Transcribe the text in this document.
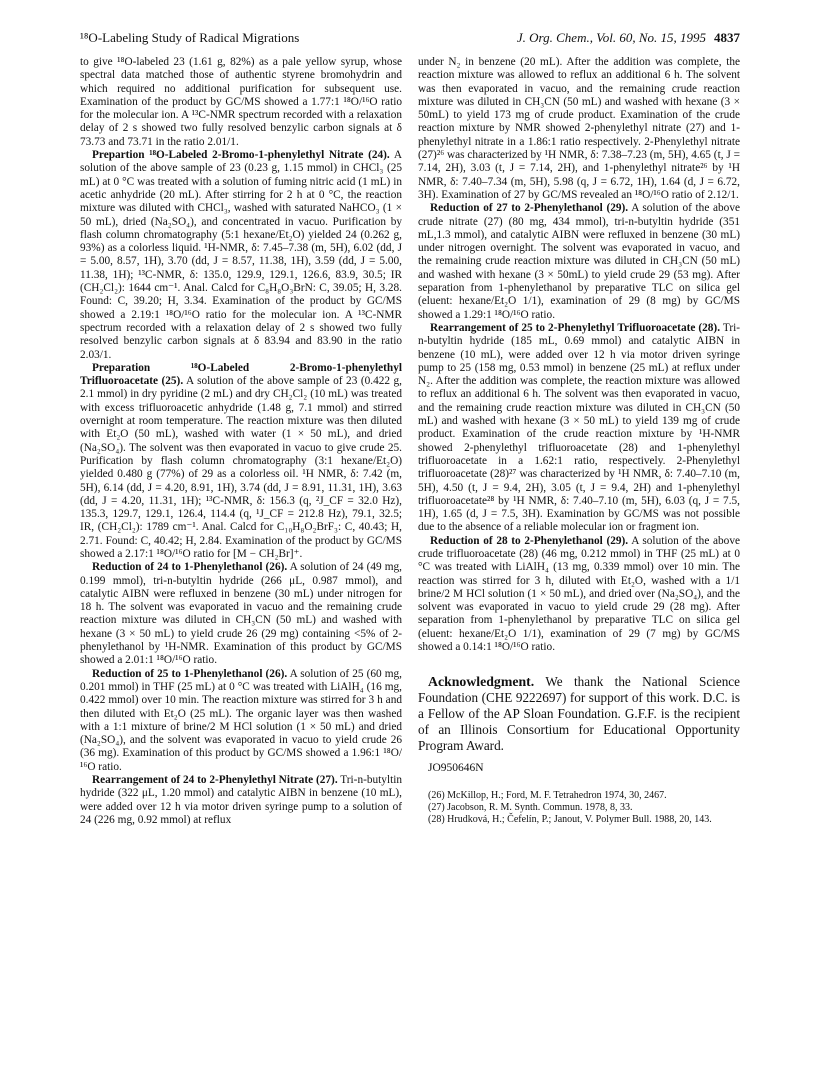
¹⁸O-Labeling Study of Radical Migrations	J. Org. Chem., Vol. 60, No. 15, 1995 4837

to give ¹⁸O-labeled 23 (1.61 g, 82%) as a pale yellow syrup, whose spectral data matched those of authentic styrene bromohydrin and which required no additional purification for subsequent use. Examination of the product by GC/MS showed a 1.77:1 ¹⁸O/¹⁶O ratio for the molecular ion. A ¹³C-NMR spectrum recorded with a relaxation delay of 2 s showed two fully resolved benzylic carbon signals at δ 73.73 and 73.71 in the ratio 2.01/1.

Prepartion ¹⁸O-Labeled 2-Bromo-1-phenylethyl Nitrate (24). A solution of the above sample of 23 (0.23 g, 1.15 mmol) in CHCl₃ (25 mL) at 0 °C was treated with a solution of fuming nitric acid (1 mL) in acetic anhydride (20 mL). After stirring for 2 h at 0 °C, the reaction mixture was diluted with CHCl₃, washed with saturated NaHCO₃ (1 × 50 mL), dried (Na₂SO₄), and concentrated in vacuo. Purification by flash column chromatography (5:1 hexane/Et₂O) yielded 24 (0.262 g, 93%) as a colorless liquid. ¹H-NMR, δ: 7.45–7.38 (m, 5H), 6.02 (dd, J = 5.00, 8.57, 1H), 3.70 (dd, J = 8.57, 11.38, 1H), 3.59 (dd, J = 5.00, 11.38, 1H); ¹³C-NMR, δ: 135.0, 129.9, 129.1, 126.6, 83.9, 30.5; IR (CH₂Cl₂): 1644 cm⁻¹. Anal. Calcd for C₈H₈O₃BrN: C, 39.05; H, 3.28. Found: C, 39.20; H, 3.34. Examination of the product by GC/MS showed a 2.19:1 ¹⁸O/¹⁶O ratio for the molecular ion. A ¹³C-NMR spectrum recorded with a relaxation delay of 2 s showed two fully resolved benzylic carbon signals at δ 83.94 and 83.90 in the ratio 2.03/1.

Preparation ¹⁸O-Labeled 2-Bromo-1-phenylethyl Trifluoroacetate (25). A solution of the above sample of 23 (0.422 g, 2.1 mmol) in dry pyridine (2 mL) and dry CH₂Cl₂ (10 mL) was treated with excess trifluoroacetic anhydride (1.48 g, 7.1 mmol) and stirred overnight at room temperature. The reaction mixture was then diluted with Et₂O (50 mL), washed with water (1 × 50 mL), and dried (Na₂SO₄). The solvent was then evaporated in vacuo to give crude 25. Purification by flash column chromatography (3:1 hexane/Et₂O) yielded 0.480 g (77%) of 29 as a colorless oil. ¹H NMR, δ: 7.42 (m, 5H), 6.14 (dd, J = 4.20, 8.91, 1H), 3.74 (dd, J = 8.91, 11.31, 1H), 3.63 (dd, J = 4.20, 11.31, 1H); ¹³C-NMR, δ: 156.3 (q, ²J_CF = 32.0 Hz), 135.3, 129.7, 129.1, 126.4, 114.4 (q, ¹J_CF = 212.8 Hz), 79.1, 32.5; IR, (CH₂Cl₂): 1789 cm⁻¹. Anal. Calcd for C₁₀H₈O₂BrF₃: C, 40.43; H, 2.71. Found: C, 40.42; H, 2.84. Examination of the product by GC/MS showed a 2.17:1 ¹⁸O/¹⁶O ratio for [M − CH₂Br]⁺.

Reduction of 24 to 1-Phenylethanol (26). A solution of 24 (49 mg, 0.199 mmol), tri-n-butyltin hydride (266 μL, 0.987 mmol), and catalytic AIBN were refluxed in benzene (30 mL) under nitrogen for 18 h. The solvent was evaporated in vacuo and the remaining crude reaction mixture was diluted in CH₃CN (50 mL) and washed with hexane (3 × 50 mL) to yield crude 26 (29 mg) containing <5% of 2-phenylethanol by ¹H-NMR. Examination of this product by GC/MS showed a 2.01:1 ¹⁸O/¹⁶O ratio.

Reduction of 25 to 1-Phenylethanol (26). A solution of 25 (60 mg, 0.201 mmol) in THF (25 mL) at 0 °C was treated with LiAlH₄ (16 mg, 0.422 mmol) over 10 min. The reaction mixture was stirred for 3 h and then diluted with Et₂O (25 mL). The organic layer was then washed with a 1:1 mixture of brine/2 M HCl solution (1 × 50 mL) and dried (Na₂SO₄), and the solvent was evaporated in vacuo to yield crude 26 (36 mg). Examination of this product by GC/MS showed a 1.96:1 ¹⁸O/¹⁶O ratio.

Rearrangement of 24 to 2-Phenylethyl Nitrate (27). Tri-n-butyltin hydride (322 μL, 1.20 mmol) and catalytic AIBN in benzene (10 mL), were added over 12 h via motor driven syringe pump to a solution of 24 (226 mg, 0.92 mmol) at reflux

under N₂ in benzene (20 mL). After the addition was complete, the reaction mixture was allowed to reflux an additional 6 h. The solvent was then evaporated in vacuo, and the remaining crude reaction mixture was diluted in CH₃CN (50 mL) and washed with hexane (3 × 50mL) to yield 173 mg of crude product. Examination of the crude reaction mixture by NMR showed 2-phenylethyl nitrate (27) and 1-phenylethyl nitrate in a 1.86:1 ratio respectively. 2-Phenylethyl nitrate (27)²⁶ was characterized by ¹H NMR, δ: 7.38–7.23 (m, 5H), 4.65 (t, J = 7.14, 2H), 3.03 (t, J = 7.14, 2H), and 1-phenylethyl nitrate²⁶ by ¹H NMR, δ: 7.40–7.34 (m, 5H), 5.98 (q, J = 6.72, 1H), 1.64 (d, J = 6.72, 3H). Examination of 27 by GC/MS revealed an ¹⁸O/¹⁶O ratio of 2.12/1.

Reduction of 27 to 2-Phenylethanol (29). A solution of the above crude nitrate (27) (80 mg, 434 mmol), tri-n-butyltin hydride (351 mL,1.3 mmol), and catalytic AIBN were refluxed in benzene (30 mL) under nitrogen overnight. The solvent was evaporated in vacuo, and the remaining crude reaction mixture was diluted in CH₃CN (50 mL) and washed with hexane (3 × 50mL) to yield crude 29 (53 mg). After separation from 1-phenylethanol by preparative TLC on silica gel (eluent: hexane/Et₂O 1/1), examination of 29 (8 mg) by GC/MS showed a 1.29:1 ¹⁸O/¹⁶O ratio.

Rearrangement of 25 to 2-Phenylethyl Trifluoroacetate (28). Tri-n-butyltin hydride (185 mL, 0.69 mmol) and catalytic AIBN in benzene (10 mL), were added over 12 h via motor driven syringe pump to 25 (158 mg, 0.53 mmol) in benzene (25 mL) at reflux under N₂. After the addition was complete, the reaction mixture was allowed to reflux an additional 6 h. The solvent was then evaporated in vacuo, and the remaining crude reaction mixture was diluted in CH₃CN (50 mL) and washed with hexane (3 × 50 mL) to yield 139 mg of crude product. Examination of the crude reaction mixture by ¹H-NMR showed 2-phenylethyl trifluoroacetate (28) and 1-phenylethyl trifluoroacetate in a 1.62:1 ratio, respectively. 2-Phenylethyl trifluoroacetate (28)²⁷ was characterized by ¹H NMR, δ: 7.40–7.10 (m, 5H), 4.50 (t, J = 9.4, 2H), 3.05 (t, J = 9.4, 2H) and 1-phenylethyl trifluoroacetate²⁸ by ¹H NMR, δ: 7.40–7.10 (m, 5H), 6.03 (q, J = 7.5, 1H), 1.65 (d, J = 7.5, 3H). Examination by GC/MS was not possible due to the absence of a reliable molecular ion or fragment ion.

Reduction of 28 to 2-Phenylethanol (29). A solution of the above crude trifluoroacetate (28) (46 mg, 0.212 mmol) in THF (25 mL) at 0 °C was treated with LiAlH₄ (13 mg, 0.339 mmol) over 10 min. The reaction was stirred for 3 h, diluted with Et₂O, washed with a 1/1 brine/2 M HCl solution (1 × 50 mL), and dried over (Na₂SO₄), and the solvent was evaporated in vacuo to yield crude 29 (28 mg). After separation from 1-phenylethanol by preparative TLC on silica gel (eluent: hexane/Et₂O 1/1), examination of 29 (7 mg) by GC/MS showed a 0.14:1 ¹⁸O/¹⁶O ratio.

Acknowledgment. We thank the National Science Foundation (CHE 9222697) for support of this work. D.C. is a Fellow of the AP Sloan Foundation. G.F.F. is the recipient of an Illinois Consortium for Educational Opportunity Program Award.

JO950646N

(26) McKillop, H.; Ford, M. F. Tetrahedron 1974, 30, 2467.

(27) Jacobson, R. M. Synth. Commun. 1978, 8, 33.

(28) Hrudková, H.; Čefelín, P.; Janout, V. Polymer Bull. 1988, 20, 143.
